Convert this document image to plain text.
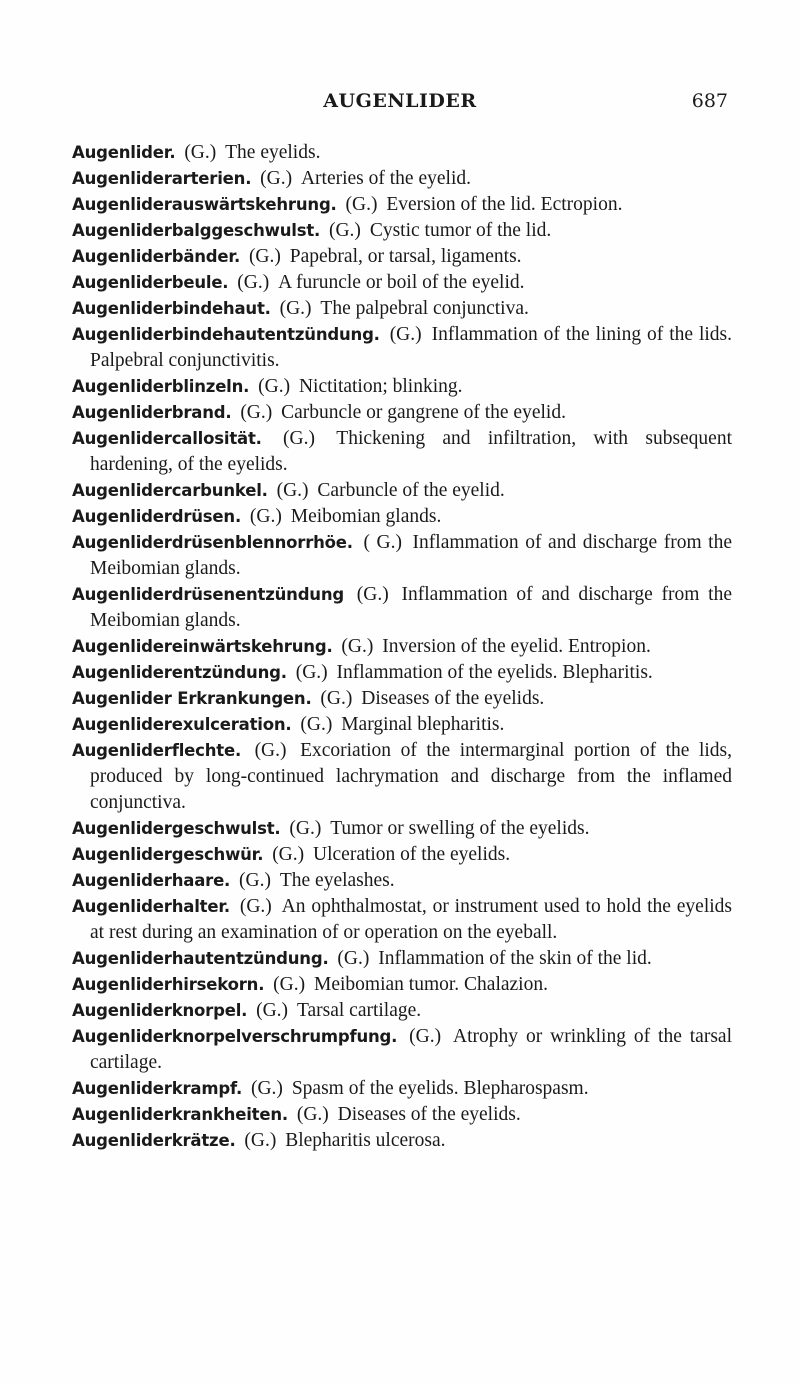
AUGENLIDER	687

Augenlider. (G.) The eyelids.

Augenliderarterien. (G.) Arteries of the eyelid.

Augenliderauswärtskehrung. (G.) Eversion of the lid. Ectropion.

Augenliderbalggeschwulst. (G.) Cystic tumor of the lid.

Augenliderbänder. (G.) Papebral, or tarsal, ligaments.

Augenliderbeule. (G.) A furuncle or boil of the eyelid.

Augenliderbindehaut. (G.) The palpebral conjunctiva.

Augenliderbindehautentzündung. (G.) Inflammation of the lining of the lids. Palpebral conjunctivitis.

Augenliderblinzeln. (G.) Nictitation; blinking.

Augenliderbrand. (G.) Carbuncle or gangrene of the eyelid.

Augenlidercallosität. (G.) Thickening and infiltration, with subsequent hardening, of the eyelids.

Augenlidercarbunkel. (G.) Carbuncle of the eyelid.

Augenliderdrüsen. (G.) Meibomian glands.

Augenliderdrüsenblennorrhöe. ( G.) Inflammation of and discharge from the Meibomian glands.

Augenliderdrüsenentzündung (G.) Inflammation of and discharge from the Meibomian glands.

Augenlidereinwärtskehrung. (G.) Inversion of the eyelid. Entropion.

Augenliderentzündung. (G.) Inflammation of the eyelids. Blepharitis.

Augenlider Erkrankungen. (G.) Diseases of the eyelids.

Augenliderexulceration. (G.) Marginal blepharitis.

Augenliderflechte. (G.) Excoriation of the intermarginal portion of the lids, produced by long-continued lachrymation and discharge from the inflamed conjunctiva.

Augenlidergeschwulst. (G.) Tumor or swelling of the eyelids.

Augenlidergeschwür. (G.) Ulceration of the eyelids.

Augenliderhaare. (G.) The eyelashes.

Augenliderhalter. (G.) An ophthalmostat, or instrument used to hold the eyelids at rest during an examination of or operation on the eyeball.

Augenliderhautentzündung. (G.) Inflammation of the skin of the lid.

Augenliderhirsekorn. (G.) Meibomian tumor. Chalazion.

Augenliderknorpel. (G.) Tarsal cartilage.

Augenliderknorpelverschrumpfung. (G.) Atrophy or wrinkling of the tarsal cartilage.

Augenliderkrampf. (G.) Spasm of the eyelids. Blepharospasm.

Augenliderkrankheiten. (G.) Diseases of the eyelids.

Augenliderkrätze. (G.) Blepharitis ulcerosa.
